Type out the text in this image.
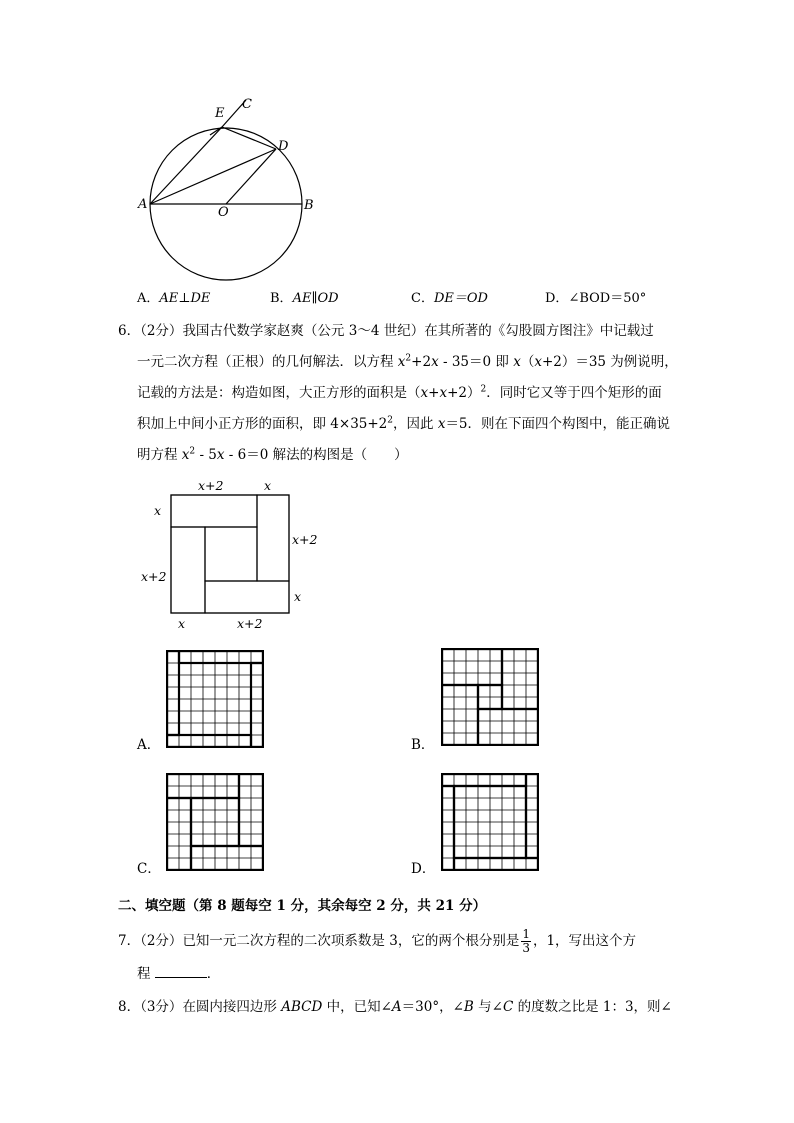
A	B
C
D
E
O
A．AE⊥DE	B．AE∥OD	C．DE＝OD	D．∠BOD＝50°
6．（2分）我国古代数学家赵爽（公元 3～4 世纪）在其所著的《勾股圆方图注》中记载过
一元二次方程（正根）的几何解法．以方程 $x^2+2x - 35=0$ 即 x（x+2）＝35 为例说明，
记载的方法是：构造如图，大正方形的面积是$(x+x+2)^2$．同时它又等于四个矩形的面
积加上中间小正方形的面积，即 $4\times 35+2^2$，因此 x＝5．则在下面四个构图中，能正确说
明方程 $x^2 - 5x - 6=0$ 解法的构图是（　　）
x+2	x
x
x+2
x+2
x
x	x+2
A．	B．
C．	D．
二、填空题（第 8 题每空 1 分，其余每空 2 分，共 21 分）
7．（2分）已知一元二次方程的二次项系数是 3，它的两个根分别是 $\frac{1}{3}$ ，1，写出这个方
程	．
8．（3分）在圆内接四边形 ABCD 中，已知∠A＝30°，∠B 与∠C 的度数之比是 1：3，则∠
